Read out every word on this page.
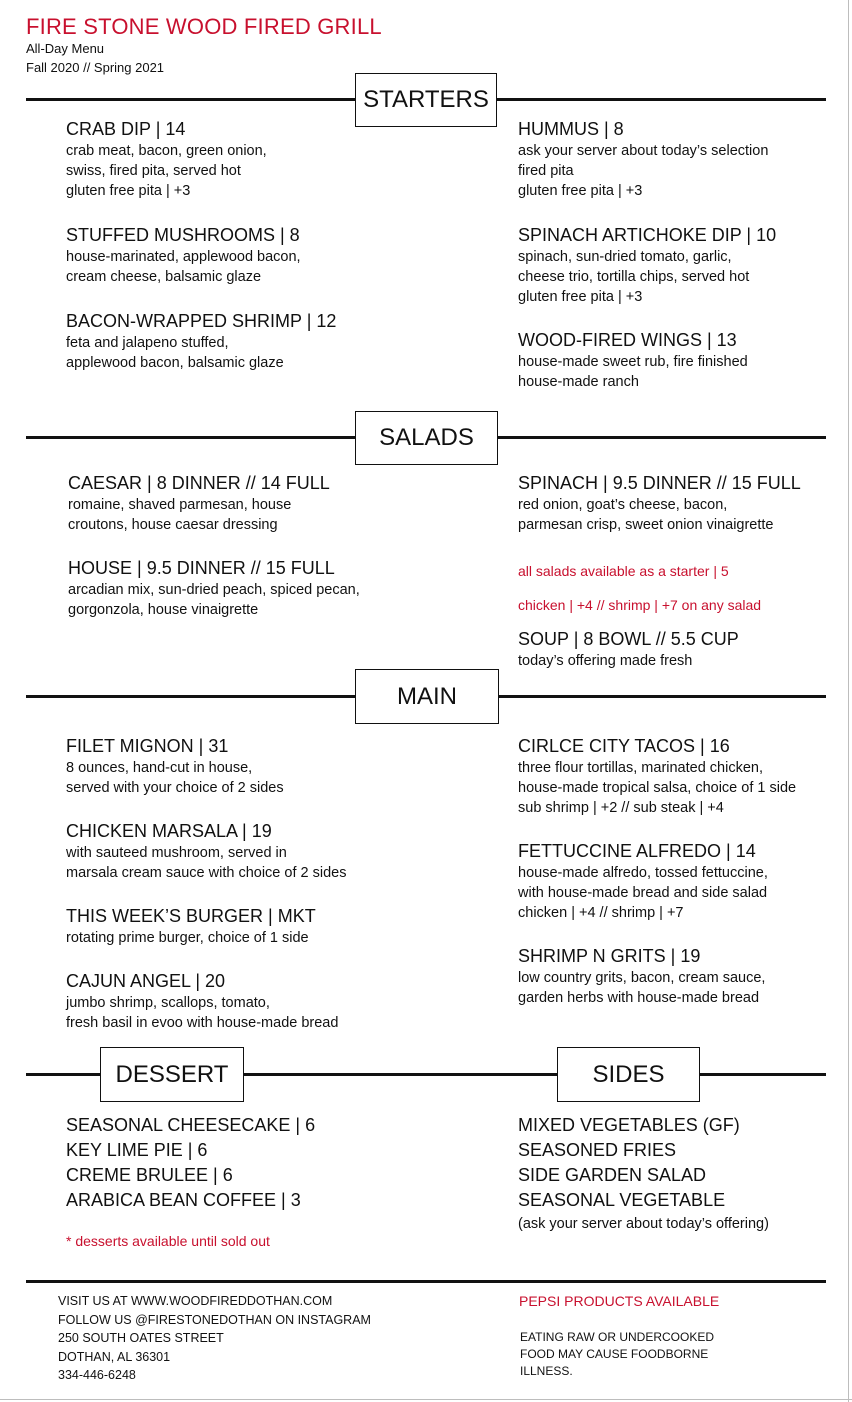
FIRE STONE WOOD FIRED GRILL
All-Day Menu
Fall 2020 // Spring 2021
STARTERS
CRAB DIP | 14
crab meat, bacon, green onion,
swiss, fired pita, served hot
gluten free pita | +3
STUFFED MUSHROOMS | 8
house-marinated, applewood bacon,
cream cheese, balsamic glaze
BACON-WRAPPED SHRIMP | 12
feta and jalapeno stuffed,
applewood bacon, balsamic glaze
HUMMUS | 8
ask your server about today’s selection
fired pita
gluten free pita | +3
SPINACH ARTICHOKE DIP | 10
spinach, sun-dried tomato, garlic,
cheese trio, tortilla chips, served hot
gluten free pita | +3
WOOD-FIRED WINGS | 13
house-made sweet rub, fire finished
house-made ranch
SALADS
CAESAR | 8 DINNER // 14 FULL
romaine, shaved parmesan, house
croutons, house caesar dressing
HOUSE | 9.5 DINNER // 15 FULL
arcadian mix, sun-dried peach, spiced pecan,
gorgonzola, house vinaigrette
SPINACH | 9.5 DINNER // 15 FULL
red onion, goat’s cheese, bacon,
parmesan crisp, sweet onion vinaigrette
all salads available as a starter | 5
chicken | +4 // shrimp | +7 on any salad
SOUP | 8 BOWL // 5.5 CUP
today’s offering made fresh
MAIN
FILET MIGNON | 31
8 ounces, hand-cut in house,
served with your choice of 2 sides
CHICKEN MARSALA | 19
with sauteed mushroom, served in
marsala cream sauce with choice of 2 sides
THIS WEEK’S BURGER | MKT
rotating prime burger, choice of 1 side
CAJUN ANGEL | 20
jumbo shrimp, scallops, tomato,
fresh basil in evoo with house-made bread
CIRLCE CITY TACOS | 16
three flour tortillas, marinated chicken,
house-made tropical salsa, choice of 1 side
sub shrimp | +2 // sub steak | +4
FETTUCCINE ALFREDO | 14
house-made alfredo, tossed fettuccine,
with house-made bread and side salad
chicken | +4 // shrimp | +7
SHRIMP N GRITS | 19
low country grits, bacon, cream sauce,
garden herbs with house-made bread
DESSERT	SIDES
SEASONAL CHEESECAKE | 6
KEY LIME PIE | 6
CREME BRULEE | 6
ARABICA BEAN COFFEE | 3
* desserts available until sold out
MIXED VEGETABLES (GF)
SEASONED FRIES
SIDE GARDEN SALAD
SEASONAL VEGETABLE
(ask your server about today’s offering)
VISIT US AT WWW.WOODFIREDDOTHAN.COM
FOLLOW US @FIRESTONEDOTHAN ON INSTAGRAM
250 SOUTH OATES STREET
DOTHAN, AL 36301
334-446-6248
PEPSI PRODUCTS AVAILABLE
EATING RAW OR UNDERCOOKED
FOOD MAY CAUSE FOODBORNE
ILLNESS.
